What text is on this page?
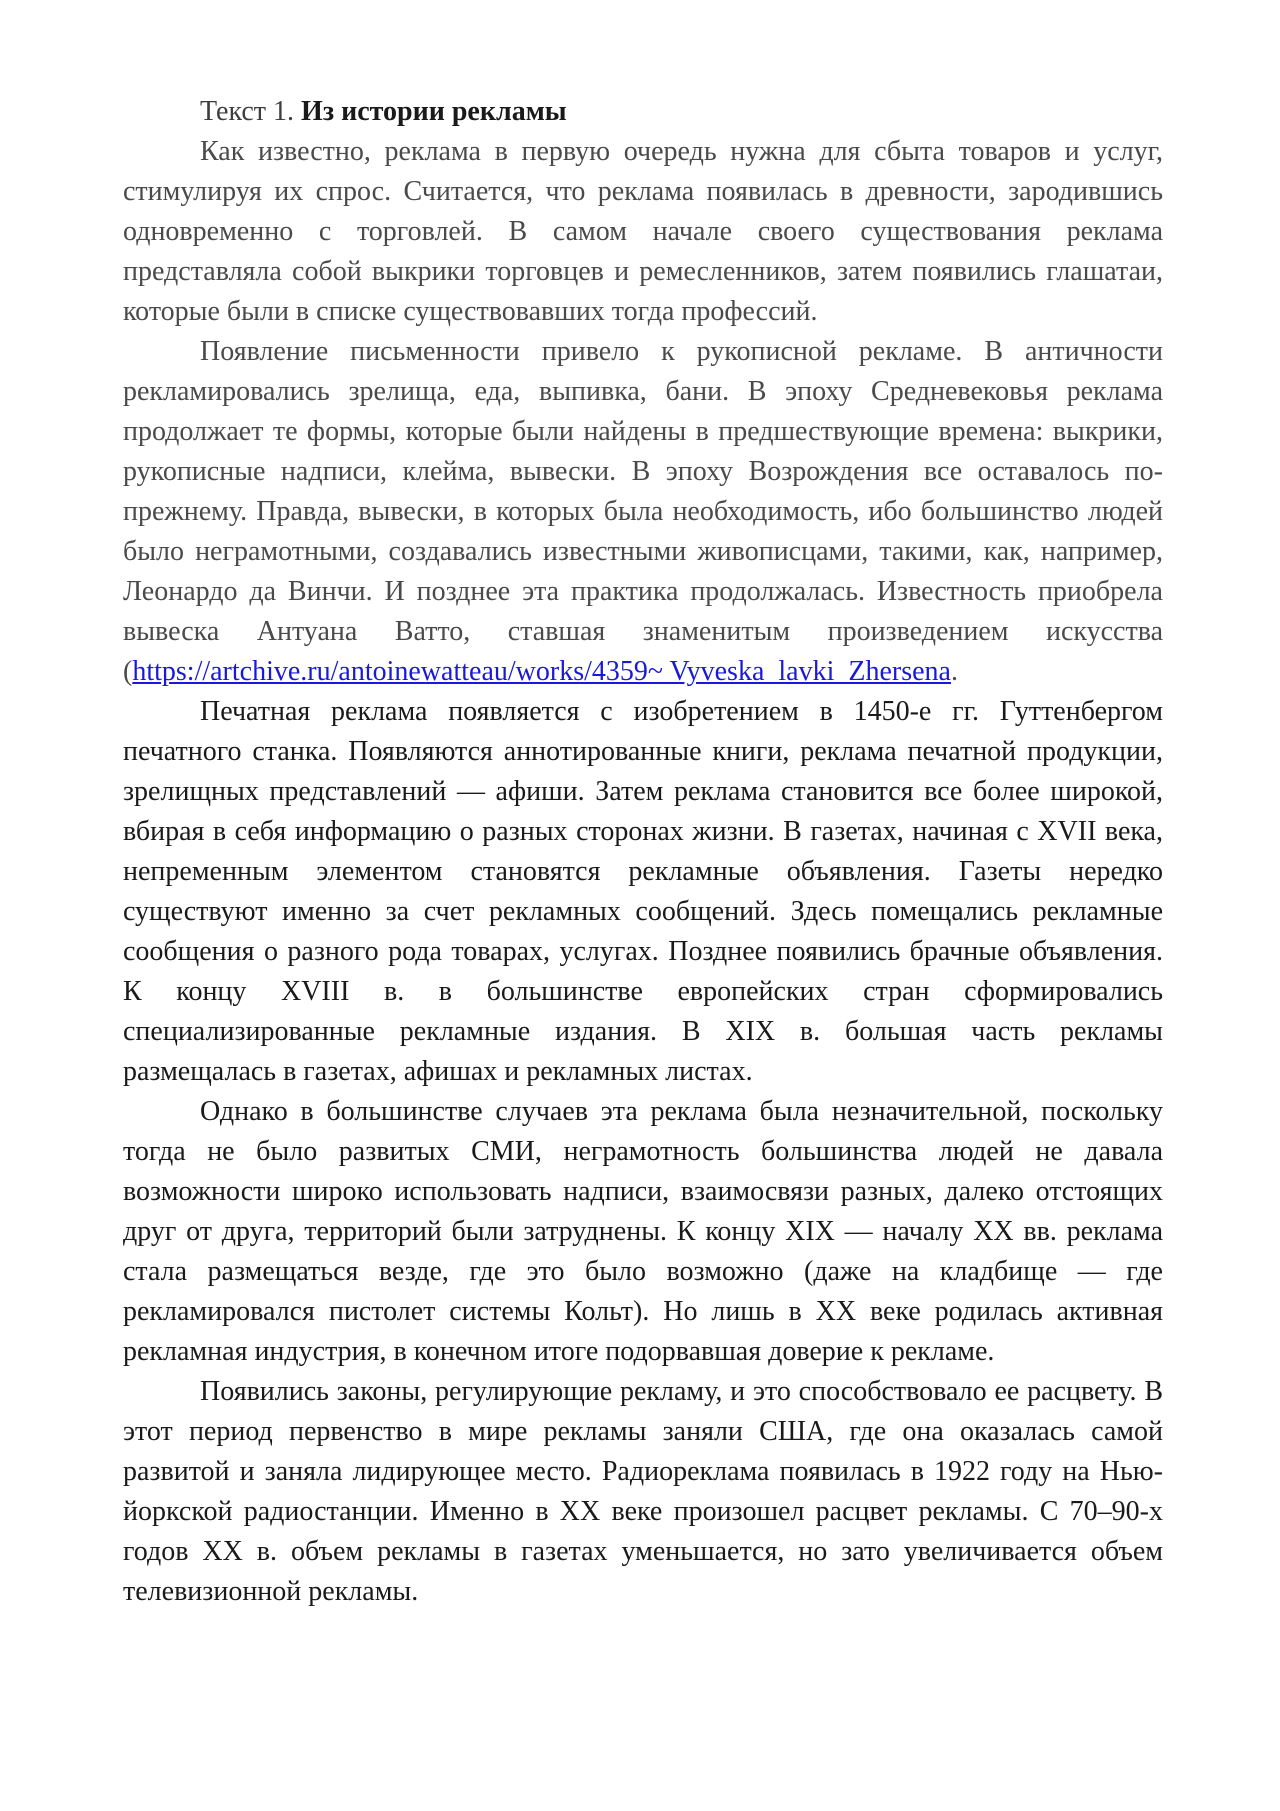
Текст 1. Из истории рекламы

Как известно, реклама в первую очередь нужна для сбыта товаров и услуг, стимулируя их спрос. Считается, что реклама появилась в древности, зародившись одновременно с торговлей. В самом начале своего существования реклама представляла собой выкрики торговцев и ремесленников, затем появились глашатаи, которые были в списке существовавших тогда профессий.

Появление письменности привело к рукописной рекламе. В античности рекламировались зрелища, еда, выпивка, бани. В эпоху Средневековья реклама продолжает те формы, которые были найдены в предшествующие времена: выкрики, рукописные надписи, клейма, вывески. В эпоху Возрождения все оставалось по-прежнему. Правда, вывески, в которых была необходимость, ибо большинство людей было неграмотными, создавались известными живописцами, такими, как, например, Леонардо да Винчи. И позднее эта практика продолжалась. Известность приобрела вывеска Антуана Ватто, ставшая знаменитым произведением искусства (https://artchive.ru/antoinewatteau/works/4359~ Vyveska_lavki_Zhersena.

Печатная реклама появляется с изобретением в 1450-е гг. Гуттенбергом печатного станка. Появляются аннотированные книги, реклама печатной продукции, зрелищных представлений — афиши. Затем реклама становится все более широкой, вбирая в себя информацию о разных сторонах жизни. В газетах, начиная с XVII века, непременным элементом становятся рекламные объявления. Газеты нередко существуют именно за счет рекламных сообщений. Здесь помещались рекламные сообщения о разного рода товарах, услугах. Позднее появились брачные объявления. К концу XVIII в. в большинстве европейских стран сформировались специализированные рекламные издания. В XIX в. большая часть рекламы размещалась в газетах, афишах и рекламных листах.

Однако в большинстве случаев эта реклама была незначительной, поскольку тогда не было развитых СМИ, неграмотность большинства людей не давала возможности широко использовать надписи, взаимосвязи разных, далеко отстоящих друг от друга, территорий были затруднены. К концу XIX — началу XX вв. реклама стала размещаться везде, где это было возможно (даже на кладбище — где рекламировался пистолет системы Кольт). Но лишь в XX веке родилась активная рекламная индустрия, в конечном итоге подорвавшая доверие к рекламе.

Появились законы, регулирующие рекламу, и это способствовало ее расцвету. В этот период первенство в мире рекламы заняли США, где она оказалась самой развитой и заняла лидирующее место. Радиореклама появилась в 1922 году на Нью-йоркской радиостанции. Именно в XX веке произошел расцвет рекламы. С 70–90-х годов XX в. объем рекламы в газетах уменьшается, но зато увеличивается объем телевизионной рекламы.
